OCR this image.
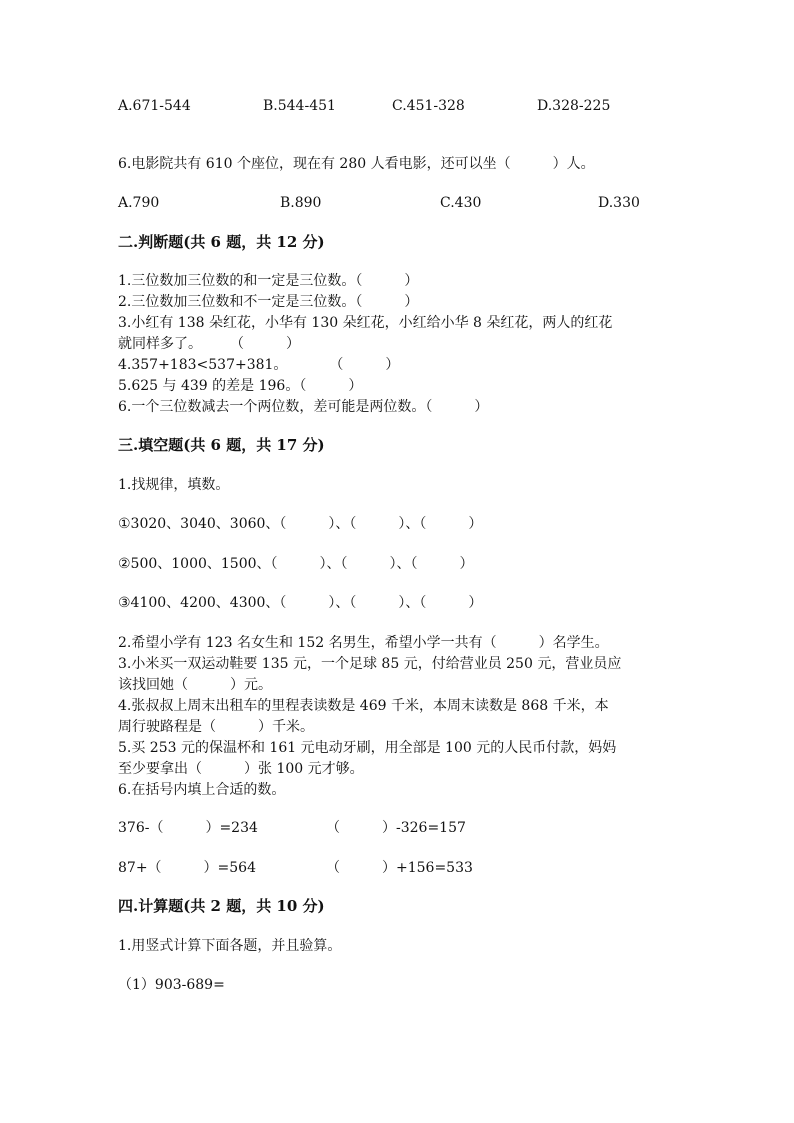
A.671-544	B.544-451	C.451-328	D.328-225
6.电影院共有 610 个座位，现在有 280 人看电影，还可以坐（　　　）人。
A.790	B.890	C.430	D.330
二.判断题(共 6 题，共 12 分)
1.三位数加三位数的和一定是三位数。（　　　）
2.三位数加三位数和不一定是三位数。（　　　）
3.小红有 138 朵红花，小华有 130 朵红花，小红给小华 8 朵红花，两人的红花
就同样多了。　　　（　　　）
4.357+183<537+381。　　　　（　　　）
5.625 与 439 的差是 196。（　　　）
6.一个三位数减去一个两位数，差可能是两位数。（　　　）
三.填空题(共 6 题，共 17 分)
1.找规律，填数。
①3020、3040、3060、（　　　）、（　　　）、（　　　）
②500、1000、1500、（　　　）、（　　　）、（　　　）
③4100、4200、4300、（　　　）、（　　　）、（　　　）
2.希望小学有 123 名女生和 152 名男生，希望小学一共有（　　　）名学生。
3.小米买一双运动鞋要 135 元，一个足球 85 元，付给营业员 250 元，营业员应
该找回她（　　　）元。
4.张叔叔上周末出租车的里程表读数是 469 千米，本周末读数是 868 千米，本
周行驶路程是（　　　）千米。
5.买 253 元的保温杯和 161 元电动牙刷，用全部是 100 元的人民币付款，妈妈
至少要拿出（　　　）张 100 元才够。
6.在括号内填上合适的数。
376-（　　　）=234	（　　　）-326=157
87+（　　　）=564	（　　　）+156=533
四.计算题(共 2 题，共 10 分)
1.用竖式计算下面各题，并且验算。
（1）903-689=
